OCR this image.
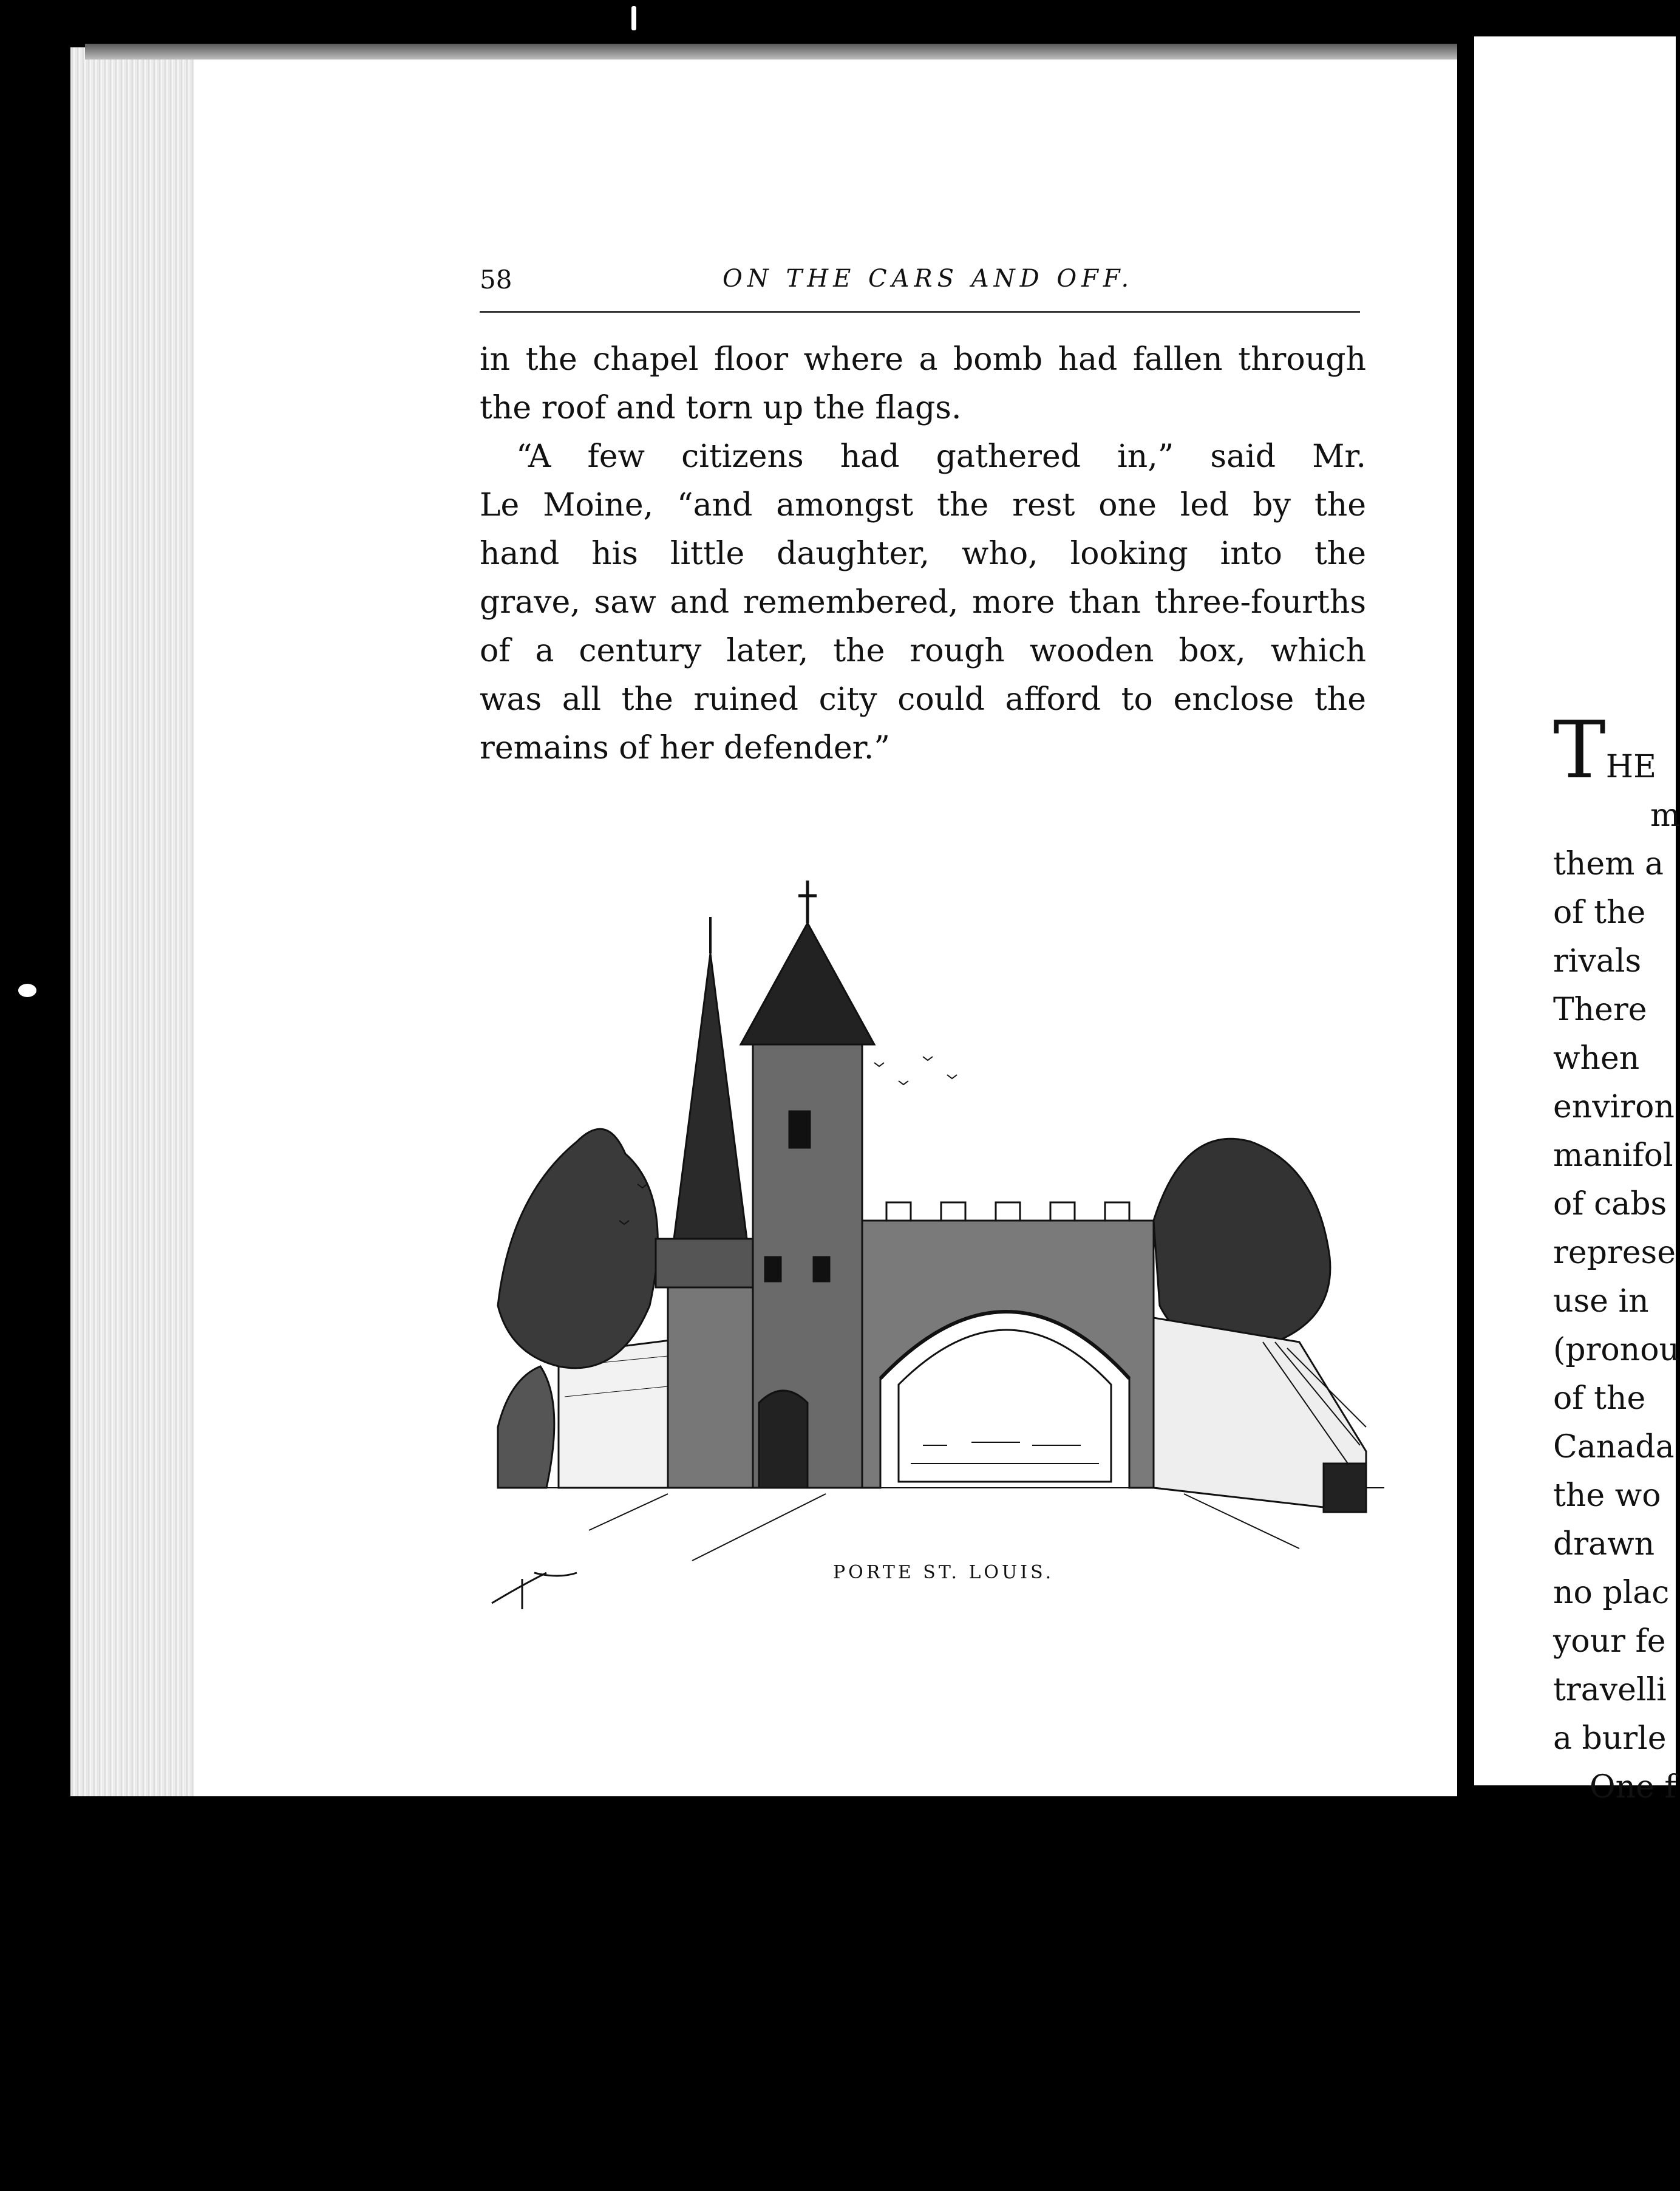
58	ON THE CARS AND OFF.
in the chapel floor where a bomb had fallen through
the roof and torn up the flags.
“A few citizens had gathered in,” said Mr.
Le Moine, “and amongst the rest one led by the
hand his little daughter, who, looking into the
grave, saw and remembered, more than three-fourths
of a century later, the rough wooden box, which
was all the ruined city could afford to enclose the
remains of her defender.”
PORTE ST. LOUIS.
THE
m
them a
of the
rivals
There
when
environ
manifol
of cabs
represe
use in
(pronou
of the
Canada
the wo
drawn
no plac
your fe
travelli
a burle
One f
